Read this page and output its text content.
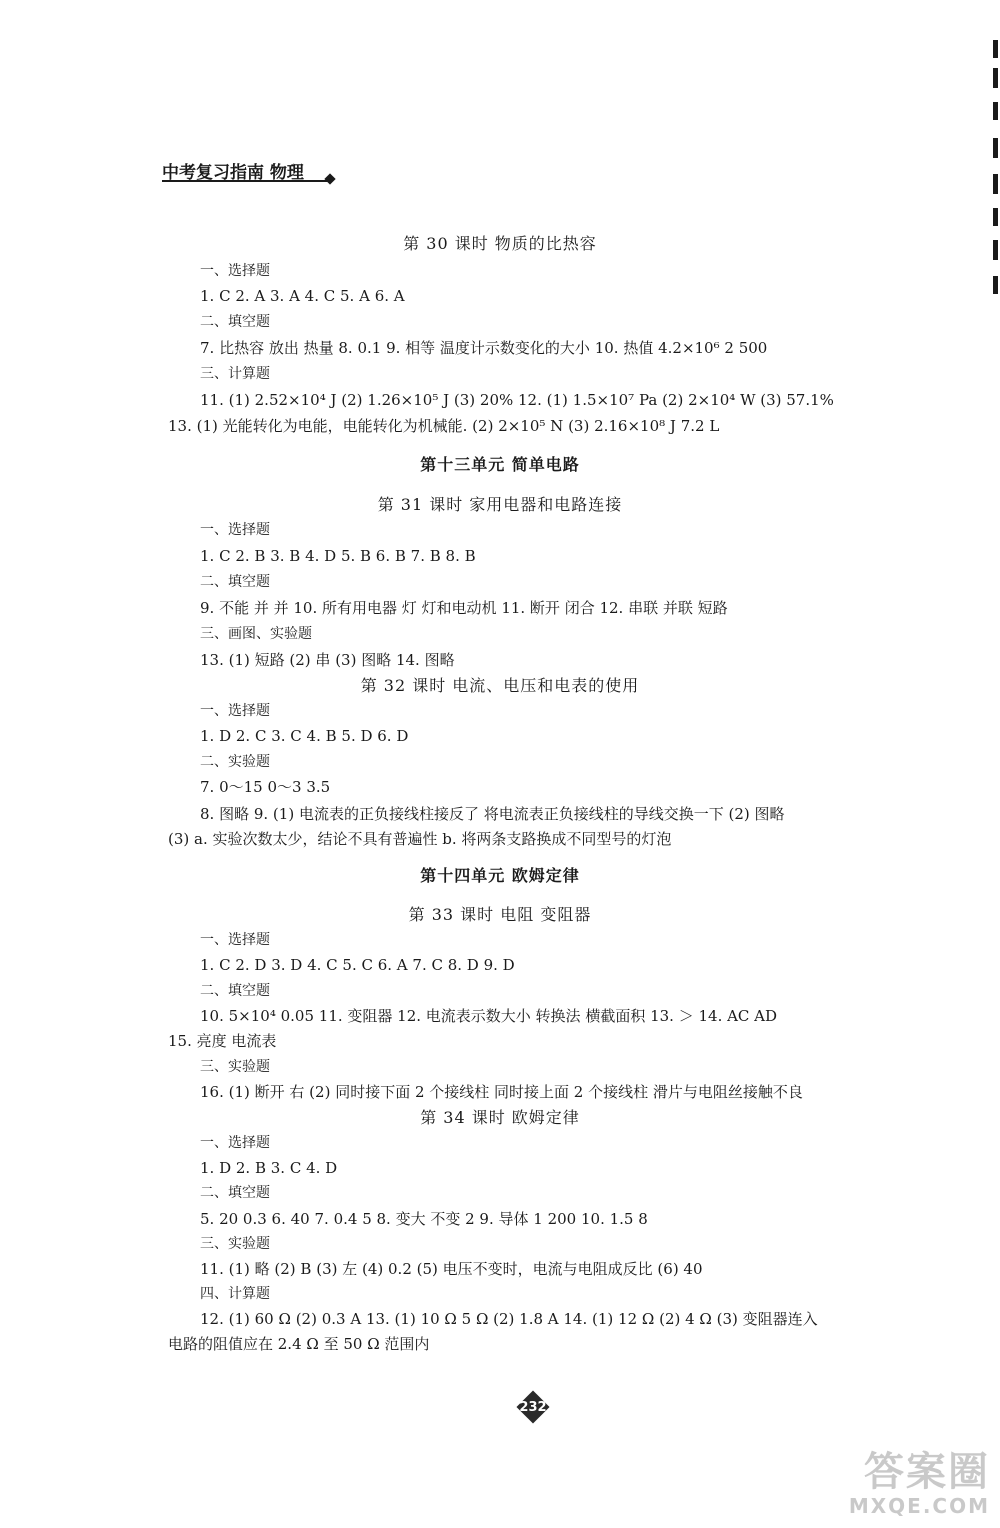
中考复习指南 物理
第 30 课时 物质的比热容
一、选择题
1. C 2. A 3. A 4. C 5. A 6. A
二、填空题
7. 比热容 放出 热量 8. 0.1 9. 相等 温度计示数变化的大小 10. 热值 4.2×10⁶ 2 500
三、计算题
11. (1) 2.52×10⁴ J (2) 1.26×10⁵ J (3) 20% 12. (1) 1.5×10⁷ Pa (2) 2×10⁴ W (3) 57.1%
13. (1) 光能转化为电能，电能转化为机械能. (2) 2×10⁵ N (3) 2.16×10⁸ J 7.2 L
第十三单元 简单电路
第 31 课时 家用电器和电路连接
一、选择题
1. C 2. B 3. B 4. D 5. B 6. B 7. B 8. B
二、填空题
9. 不能 并 并 10. 所有用电器 灯 灯和电动机 11. 断开 闭合 12. 串联 并联 短路
三、画图、实验题
13. (1) 短路 (2) 串 (3) 图略 14. 图略
第 32 课时 电流、电压和电表的使用
一、选择题
1. D 2. C 3. C 4. B 5. D 6. D
二、实验题
7. 0～15 0～3 3.5
8. 图略 9. (1) 电流表的正负接线柱接反了 将电流表正负接线柱的导线交换一下 (2) 图略
(3) a. 实验次数太少，结论不具有普遍性 b. 将两条支路换成不同型号的灯泡
第十四单元 欧姆定律
第 33 课时 电阻 变阻器
一、选择题
1. C 2. D 3. D 4. C 5. C 6. A 7. C 8. D 9. D
二、填空题
10. 5×10⁴ 0.05 11. 变阻器 12. 电流表示数大小 转换法 横截面积 13. ＞ 14. AC AD
15. 亮度 电流表
三、实验题
16. (1) 断开 右 (2) 同时接下面 2 个接线柱 同时接上面 2 个接线柱 滑片与电阻丝接触不良
第 34 课时 欧姆定律
一、选择题
1. D 2. B 3. C 4. D
二、填空题
5. 20 0.3 6. 40 7. 0.4 5 8. 变大 不变 2 9. 导体 1 200 10. 1.5 8
三、实验题
11. (1) 略 (2) B (3) 左 (4) 0.2 (5) 电压不变时，电流与电阻成反比 (6) 40
四、计算题
12. (1) 60 Ω (2) 0.3 A 13. (1) 10 Ω 5 Ω (2) 1.8 A 14. (1) 12 Ω (2) 4 Ω (3) 变阻器连入
电路的阻值应在 2.4 Ω 至 50 Ω 范围内
232
答案圈
MXQE.COM
